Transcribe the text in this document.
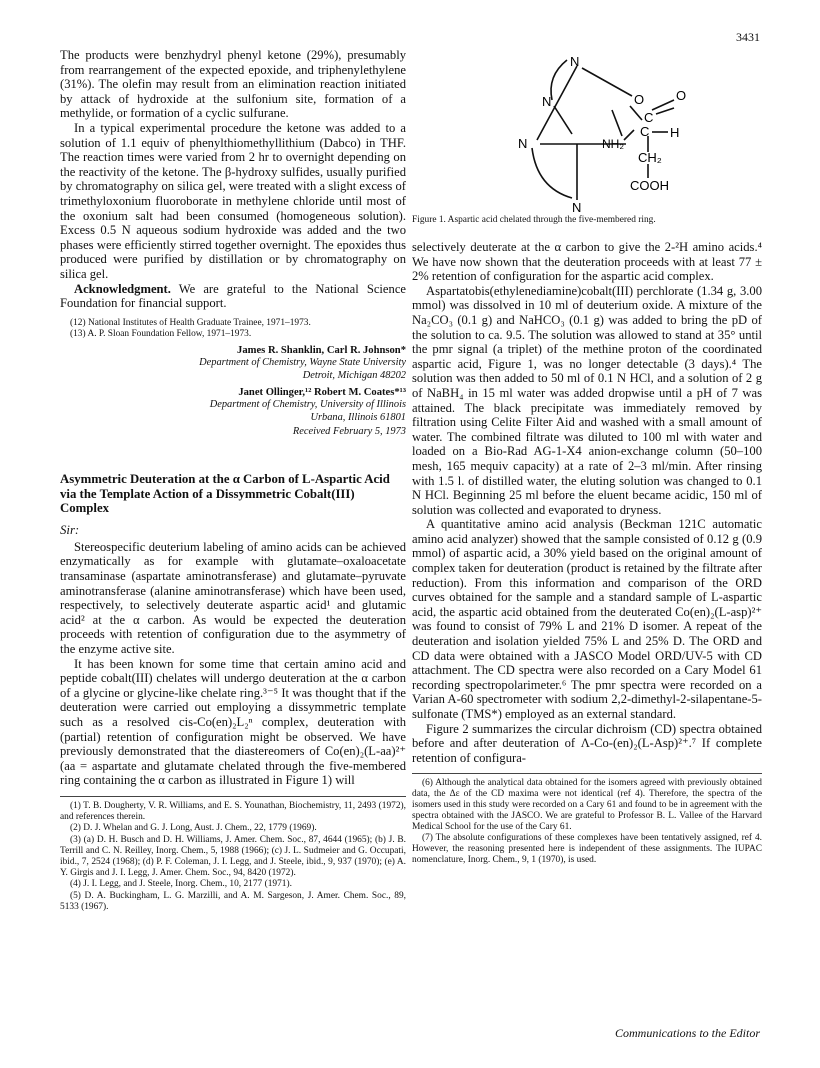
3431

The products were benzhydryl phenyl ketone (29%), presumably from rearrangement of the expected epoxide, and triphenylethylene (31%). The olefin may result from an elimination reaction initiated by attack of hydroxide at the sulfonium site, formation of a methylide, or formation of a cyclic sulfurane.

In a typical experimental procedure the ketone was added to a solution of 1.1 equiv of phenylthiomethyllithium (Dabco) in THF. The reaction times were varied from 2 hr to overnight depending on the reactivity of the ketone. The β-hydroxy sulfides, usually purified by chromatography on silica gel, were treated with a slight excess of trimethyloxonium fluoroborate in methylene chloride until most of the oxonium salt had been consumed (homogeneous solution). Excess 0.5 N aqueous sodium hydroxide was added and the two phases were efficiently stirred together overnight. The epoxides thus produced were purified by distillation or by chromatography on silica gel.

Acknowledgment. We are grateful to the National Science Foundation for financial support.

(12) National Institutes of Health Graduate Trainee, 1971–1973.

(13) A. P. Sloan Foundation Fellow, 1971–1973.

James R. Shanklin, Carl R. Johnson*
Department of Chemistry, Wayne State University
Detroit, Michigan 48202
Janet Ollinger,¹² Robert M. Coates*¹³
Department of Chemistry, University of Illinois
Urbana, Illinois 61801
Received February 5, 1973
Asymmetric Deuteration at the α Carbon of L-Aspartic Acid via the Template Action of a Dissymmetric Cobalt(III) Complex
Sir:

Stereospecific deuterium labeling of amino acids can be achieved enzymatically as for example with glutamate–oxaloacetate transaminase (aspartate aminotransferase) and glutamate–pyruvate aminotransferase (alanine aminotransferase) which have been used, respectively, to selectively deuterate aspartic acid¹ and glutamic acid² at the α carbon. As would be expected the deuteration proceeds with retention of configuration due to the asymmetry of the enzyme active site.

It has been known for some time that certain amino acid and peptide cobalt(III) chelates will undergo deuteration at the α carbon of a glycine or glycine-like chelate ring.³⁻⁵ It was thought that if the deuteration were carried out employing a dissymmetric template such as a resolved cis-Co(en)₂L₂ⁿ complex, deuteration with (partial) retention of configuration might be observed. We have previously demonstrated that the diastereomers of Co(en)₂(L-aa)²⁺ (aa = aspartate and glutamate chelated through the five-membered ring containing the α carbon as illustrated in Figure 1) will

(1) T. B. Dougherty, V. R. Williams, and E. S. Younathan, Biochemistry, 11, 2493 (1972), and references therein.

(2) D. J. Whelan and G. J. Long, Aust. J. Chem., 22, 1779 (1969).

(3) (a) D. H. Busch and D. H. Williams, J. Amer. Chem. Soc., 87, 4644 (1965); (b) J. B. Terrill and C. N. Reilley, Inorg. Chem., 5, 1988 (1966); (c) J. L. Sudmeier and G. Occupati, ibid., 7, 2524 (1968); (d) P. F. Coleman, J. I. Legg, and J. Steele, ibid., 9, 937 (1970); (e) A. Y. Girgis and J. I. Legg, J. Amer. Chem. Soc., 94, 8420 (1972).

(4) J. I. Legg, and J. Steele, Inorg. Chem., 10, 2177 (1971).

(5) D. A. Buckingham, L. G. Marzilli, and A. M. Sargeson, J. Amer. Chem. Soc., 89, 5133 (1967).

N
N
N
N
O O
C
C H
NH₂
CH₂
COOH
Figure 1. Aspartic acid chelated through the five-membered ring.

selectively deuterate at the α carbon to give the 2-²H amino acids.⁴ We have now shown that the deuteration proceeds with at least 77 ± 2% retention of configuration for the aspartic acid complex.

Aspartatobis(ethylenediamine)cobalt(III) perchlorate (1.34 g, 3.00 mmol) was dissolved in 10 ml of deuterium oxide. A mixture of the Na₂CO₃ (0.1 g) and NaHCO₃ (0.1 g) was added to bring the pD of the solution to ca. 9.5. The solution was allowed to stand at 35° until the pmr signal (a triplet) of the methine proton of the coordinated aspartic acid, Figure 1, was no longer detectable (3 days).⁴ The solution was then added to 50 ml of 0.1 N HCl, and a solution of 2 g of NaBH₄ in 15 ml water was added dropwise until a pH of 7 was attained. The black precipitate was immediately removed by filtration using Celite Filter Aid and washed with a small amount of water. The combined filtrate was diluted to 100 ml with water and loaded on a Bio-Rad AG-1-X4 anion-exchange column (50–100 mesh, 165 mequiv capacity) at a rate of 2–3 ml/min. After rinsing with 1.5 l. of distilled water, the eluting solution was changed to 0.1 N HCl. Beginning 25 ml before the eluent became acidic, 150 ml of solution was collected and evaporated to dryness.

A quantitative amino acid analysis (Beckman 121C automatic amino acid analyzer) showed that the sample consisted of 0.12 g (0.9 mmol) of aspartic acid, a 30% yield based on the original amount of complex taken for deuteration (product is retained by the filtrate after reduction). From this information and comparison of the ORD curves obtained for the sample and a standard sample of L-aspartic acid, the aspartic acid obtained from the deuterated Co(en)₂(L-asp)²⁺ was found to consist of 79% L and 21% D isomer. A repeat of the deuteration and isolation yielded 75% L and 25% D. The ORD and CD data were obtained with a JASCO Model ORD/UV-5 with CD attachment. The CD spectra were also recorded on a Cary Model 61 recording spectropolarimeter.⁶ The pmr spectra were recorded on a Varian A-60 spectrometer with sodium 2,2-dimethyl-2-silapentane-5-sulfonate (TMS*) employed as an external standard.

Figure 2 summarizes the circular dichroism (CD) spectra obtained before and after deuteration of Λ-Co-(en)₂(L-Asp)²⁺.⁷ If complete retention of configura-

(6) Although the analytical data obtained for the isomers agreed with previously obtained data, the Δε of the CD maxima were not identical (ref 4). Therefore, the spectra of the isomers used in this study were recorded on a Cary 61 and found to be in agreement with the spectra obtained with the JASCO. We are grateful to Professor B. L. Vallee of the Harvard Medical School for the use of the Cary 61.

(7) The absolute configurations of these complexes have been tentatively assigned, ref 4. However, the reasoning presented here is independent of these assignments. The IUPAC nomenclature, Inorg. Chem., 9, 1 (1970), is used.

Communications to the Editor
